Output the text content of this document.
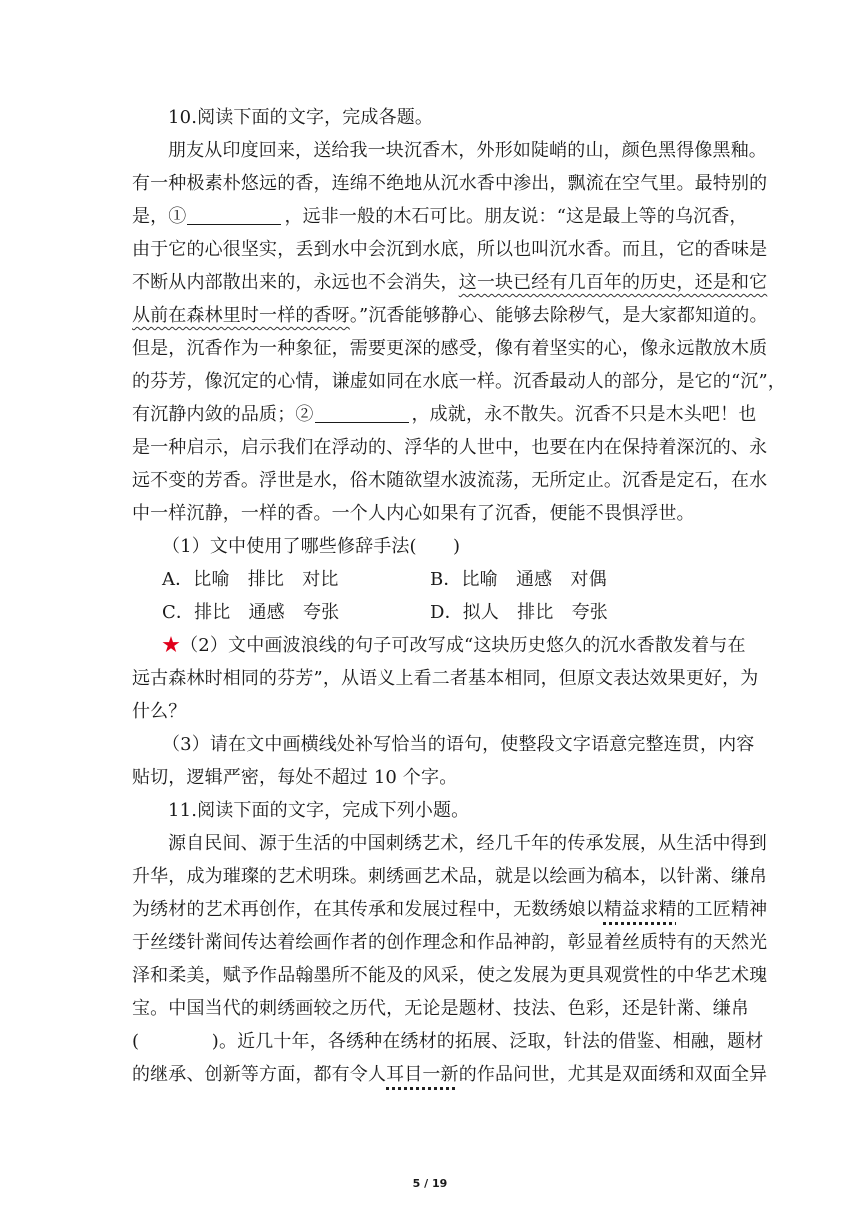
10.阅读下面的文字，完成各题。
朋友从印度回来，送给我一块沉香木，外形如陡峭的山，颜色黑得像黑釉。
有一种极素朴悠远的香，连绵不绝地从沉水香中渗出，飘流在空气里。最特别的
是，①	，远非一般的木石可比。朋友说：“这是最上等的乌沉香，
由于它的心很坚实，丢到水中会沉到水底，所以也叫沉水香。而且，它的香味是
不断从内部散出来的，永远也不会消失，这一块已经有几百年的历史，还是和它
从前在森林里时一样的香呀。”沉香能够静心、能够去除秽气，是大家都知道的。
但是，沉香作为一种象征，需要更深的感受，像有着坚实的心，像永远散放木质
的芬芳，像沉定的心情，谦虚如同在水底一样。沉香最动人的部分，是它的“沉”，
有沉静内敛的品质；②	，成就，永不散失。沉香不只是木头吧！也
是一种启示，启示我们在浮动的、浮华的人世中，也要在内在保持着深沉的、永
远不变的芳香。浮世是水，俗木随欲望水波流荡，无所定止。沉香是定石，在水
中一样沉静，一样的香。一个人内心如果有了沉香，便能不畏惧浮世。
（1）文中使用了哪些修辞手法(　　)
A．比喻　排比　对比	B．比喻　通感　对偶
C．排比　通感　夸张	D．拟人　排比　夸张
★（2）文中画波浪线的句子可改写成“这块历史悠久的沉水香散发着与在
远古森林时相同的芬芳”，从语义上看二者基本相同，但原文表达效果更好，为
什么？
（3）请在文中画横线处补写恰当的语句，使整段文字语意完整连贯，内容
贴切，逻辑严密，每处不超过 10 个字。
11.阅读下面的文字，完成下列小题。
源自民间、源于生活的中国刺绣艺术，经几千年的传承发展，从生活中得到
升华，成为璀璨的艺术明珠。刺绣画艺术品，就是以绘画为稿本，以针黹、缣帛
为绣材的艺术再创作，在其传承和发展过程中，无数绣娘以精益求精的工匠精神
于丝缕针黹间传达着绘画作者的创作理念和作品神韵，彰显着丝质特有的天然光
泽和柔美，赋予作品翰墨所不能及的风采，使之发展为更具观赏性的中华艺术瑰
宝。中国当代的刺绣画较之历代，无论是题材、技法、色彩，还是针黹、缣帛
(　　　　)。近几十年，各绣种在绣材的拓展、泛取，针法的借鉴、相融，题材
的继承、创新等方面，都有令人耳目一新的作品问世，尤其是双面绣和双面全异
5 / 19
